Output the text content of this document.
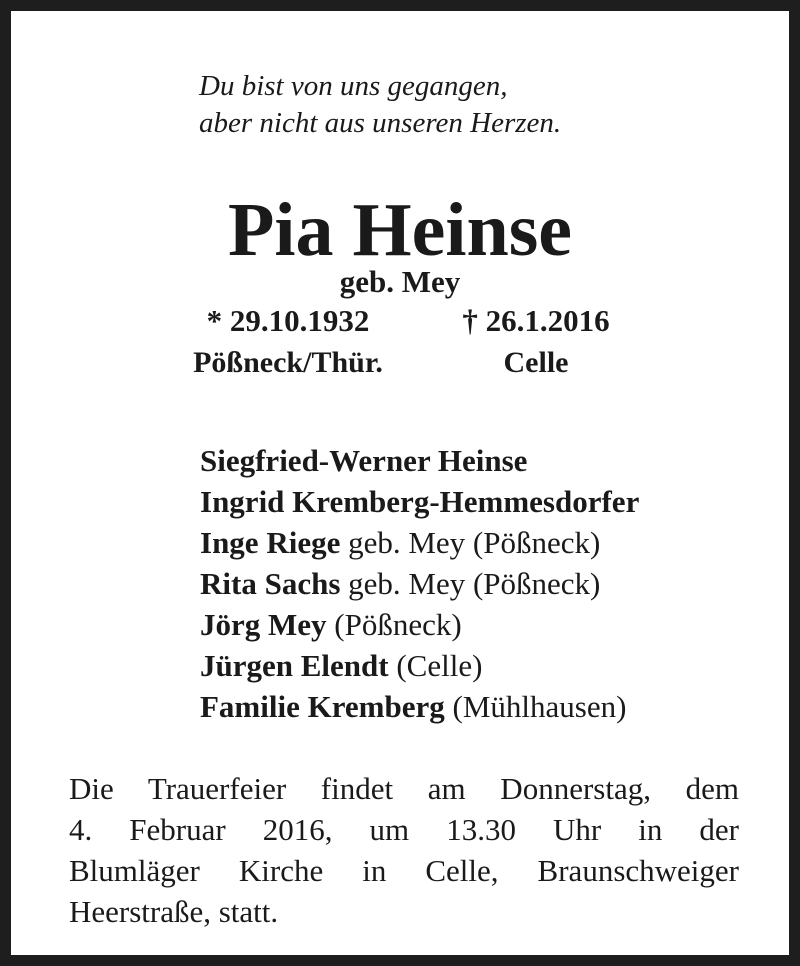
Du bist von uns gegangen,
aber nicht aus unseren Herzen.
Pia Heinse
geb. Mey
* 29.10.1932	† 26.1.2016
Pößneck/Thür.	Celle
Siegfried-Werner Heinse
Ingrid Kremberg-Hemmesdorfer
Inge Riege geb. Mey (Pößneck)
Rita Sachs geb. Mey (Pößneck)
Jörg Mey (Pößneck)
Jürgen Elendt (Celle)
Familie Kremberg (Mühlhausen)
Die Trauerfeier findet am Donnerstag, dem
4. Februar 2016, um 13.30 Uhr in der
Blumläger Kirche in Celle, Braunschweiger
Heerstraße, statt.
